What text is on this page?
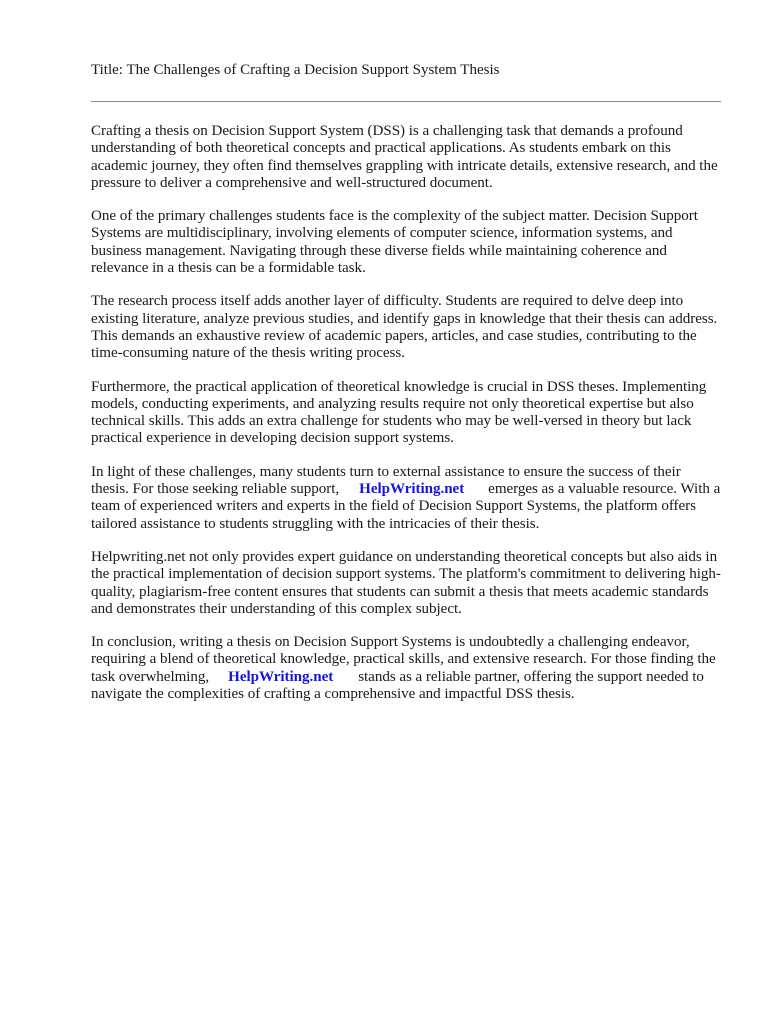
Title: The Challenges of Crafting a Decision Support System Thesis

Crafting a thesis on Decision Support System (DSS) is a challenging task that demands a profound understanding of both theoretical concepts and practical applications. As students embark on this academic journey, they often find themselves grappling with intricate details, extensive research, and the pressure to deliver a comprehensive and well-structured document.

One of the primary challenges students face is the complexity of the subject matter. Decision Support Systems are multidisciplinary, involving elements of computer science, information systems, and business management. Navigating through these diverse fields while maintaining coherence and relevance in a thesis can be a formidable task.

The research process itself adds another layer of difficulty. Students are required to delve deep into existing literature, analyze previous studies, and identify gaps in knowledge that their thesis can address. This demands an exhaustive review of academic papers, articles, and case studies, contributing to the time-consuming nature of the thesis writing process.

Furthermore, the practical application of theoretical knowledge is crucial in DSS theses. Implementing models, conducting experiments, and analyzing results require not only theoretical expertise but also technical skills. This adds an extra challenge for students who may be well-versed in theory but lack practical experience in developing decision support systems.

In light of these challenges, many students turn to external assistance to ensure the success of their thesis. For those seeking reliable support, HelpWriting.net emerges as a valuable resource. With a team of experienced writers and experts in the field of Decision Support Systems, the platform offers tailored assistance to students struggling with the intricacies of their thesis.

Helpwriting.net not only provides expert guidance on understanding theoretical concepts but also aids in the practical implementation of decision support systems. The platform's commitment to delivering high-quality, plagiarism-free content ensures that students can submit a thesis that meets academic standards and demonstrates their understanding of this complex subject.

In conclusion, writing a thesis on Decision Support Systems is undoubtedly a challenging endeavor, requiring a blend of theoretical knowledge, practical skills, and extensive research. For those finding the task overwhelming, HelpWriting.net stands as a reliable partner, offering the support needed to navigate the complexities of crafting a comprehensive and impactful DSS thesis.
